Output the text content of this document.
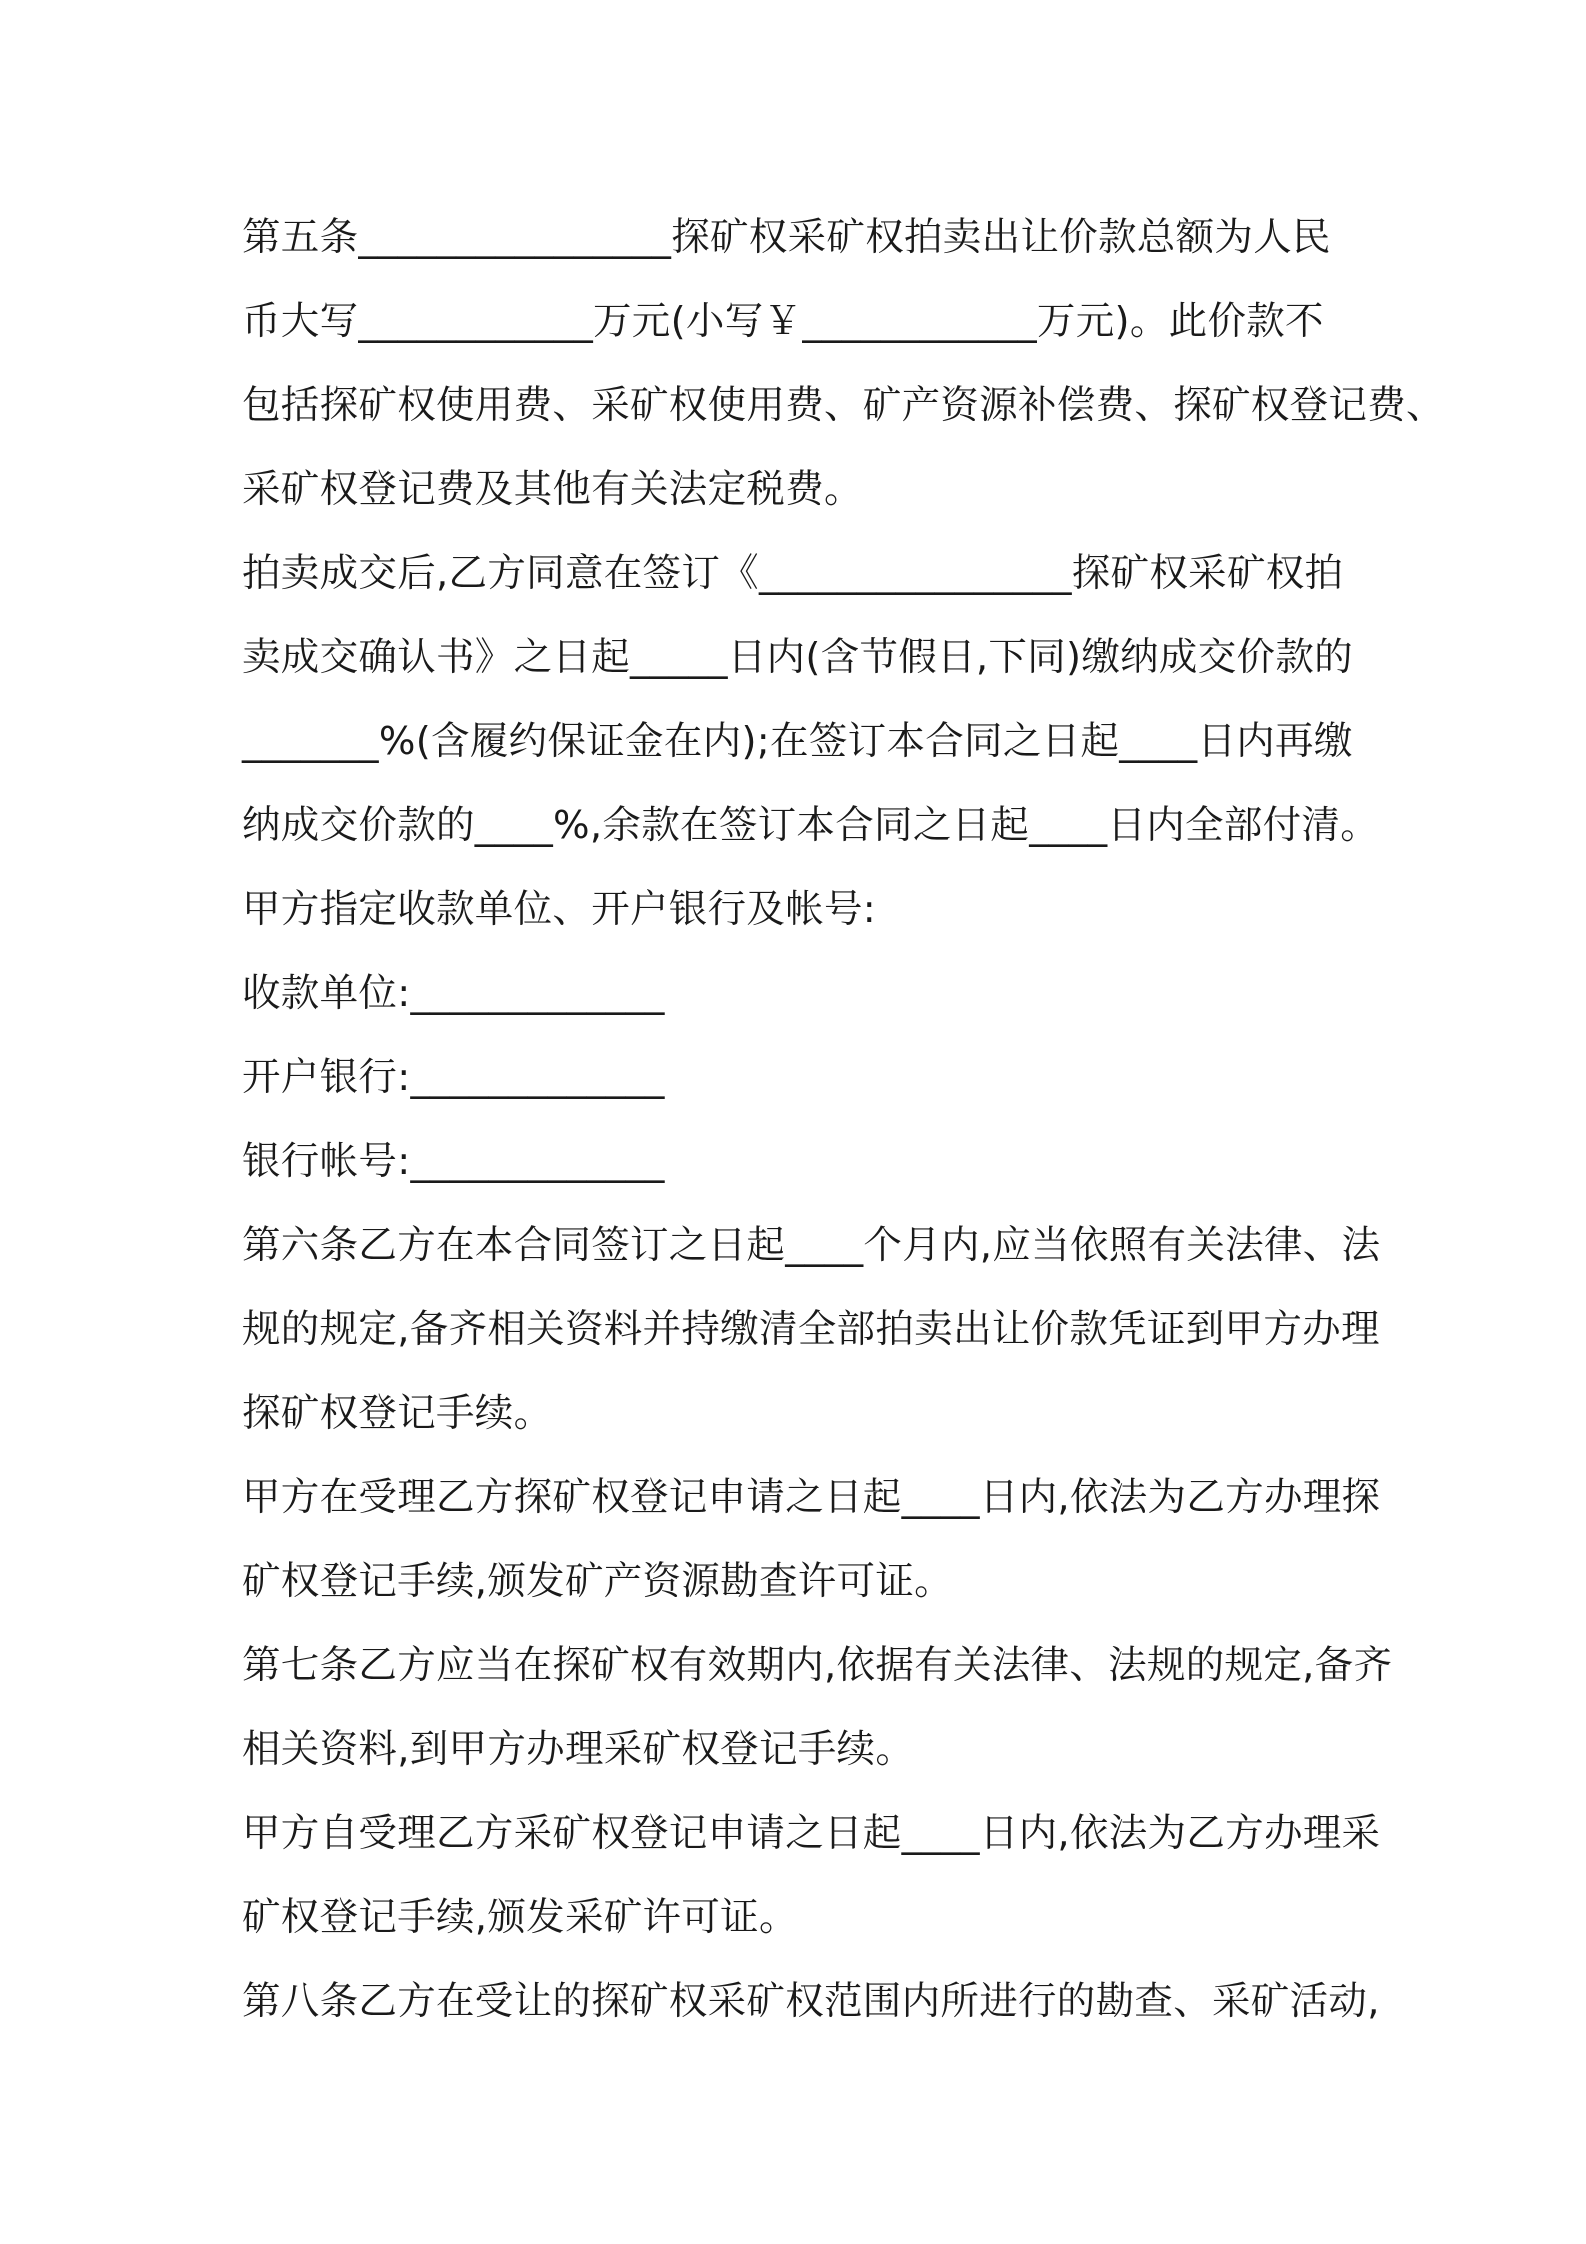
第五条________________探矿权采矿权拍卖出让价款总额为人民
币大写____________万元(小写￥____________万元)。此价款不
包括探矿权使用费、采矿权使用费、矿产资源补偿费、探矿权登记费、
采矿权登记费及其他有关法定税费。
拍卖成交后,乙方同意在签订《________________探矿权采矿权拍
卖成交确认书》之日起_____日内(含节假日,下同)缴纳成交价款的
_______%(含履约保证金在内);在签订本合同之日起____日内再缴
纳成交价款的____%,余款在签订本合同之日起____日内全部付清。
甲方指定收款单位、开户银行及帐号:
收款单位:_____________
开户银行:_____________
银行帐号:_____________
第六条乙方在本合同签订之日起____个月内,应当依照有关法律、法
规的规定,备齐相关资料并持缴清全部拍卖出让价款凭证到甲方办理
探矿权登记手续。
甲方在受理乙方探矿权登记申请之日起____日内,依法为乙方办理探
矿权登记手续,颁发矿产资源勘查许可证。
第七条乙方应当在探矿权有效期内,依据有关法律、法规的规定,备齐
相关资料,到甲方办理采矿权登记手续。
甲方自受理乙方采矿权登记申请之日起____日内,依法为乙方办理采
矿权登记手续,颁发采矿许可证。
第八条乙方在受让的探矿权采矿权范围内所进行的勘查、采矿活动,
